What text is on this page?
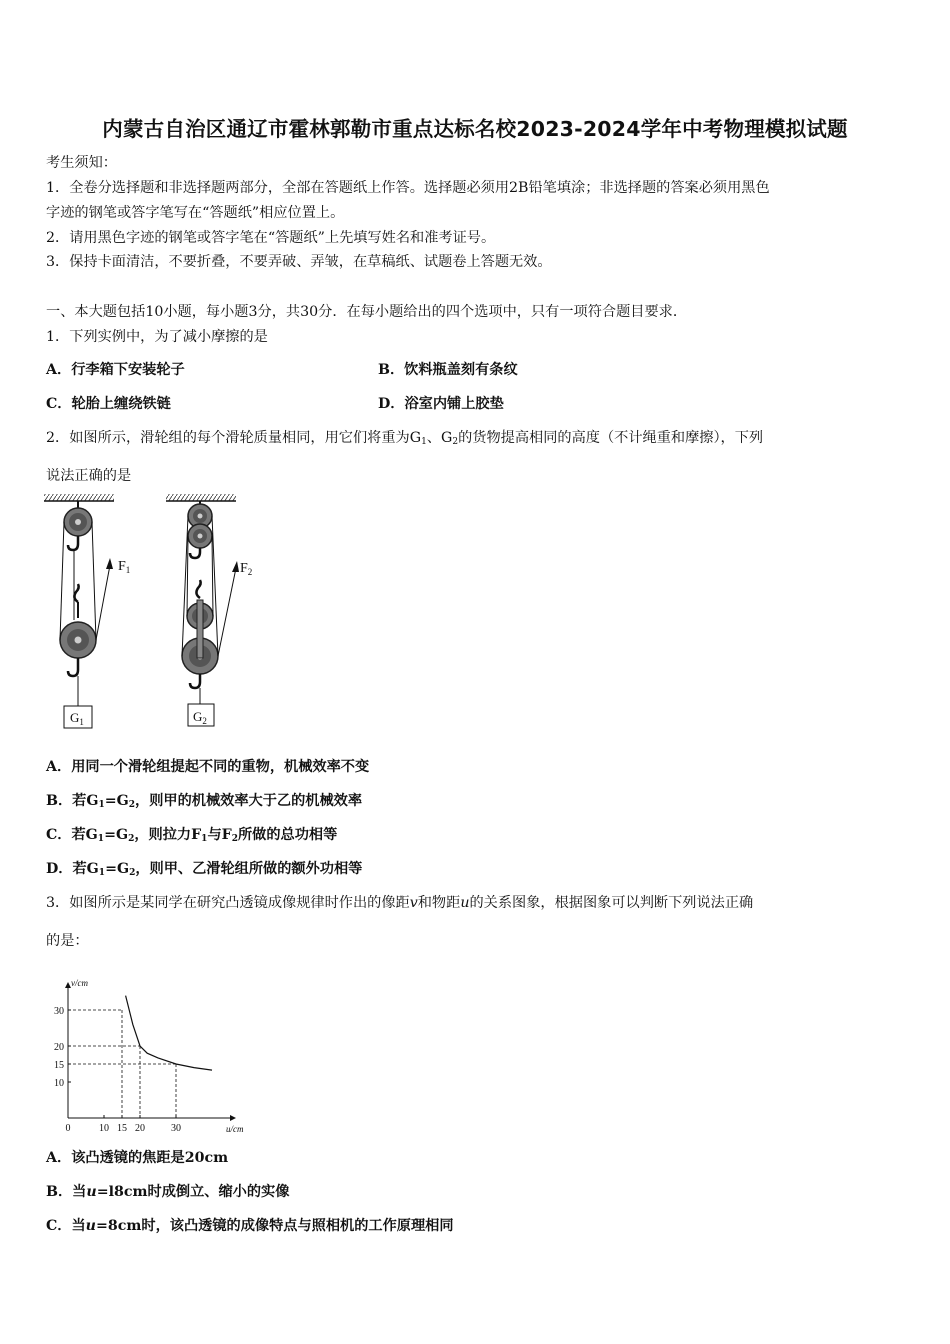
内蒙古自治区通辽市霍林郭勒市重点达标名校2023-2024学年中考物理模拟试题
考生须知：
1．全卷分选择题和非选择题两部分，全部在答题纸上作答。选择题必须用2B铅笔填涂；非选择题的答案必须用黑色
字迹的钢笔或答字笔写在“答题纸”相应位置上。
2．请用黑色字迹的钢笔或答字笔在“答题纸”上先填写姓名和准考证号。
3．保持卡面清洁，不要折叠，不要弄破、弄皱，在草稿纸、试题卷上答题无效。
一、本大题包括10小题，每小题3分，共30分．在每小题给出的四个选项中，只有一项符合题目要求．
1．下列实例中，为了减小摩擦的是
A．行李箱下安装轮子	B．饮料瓶盖刻有条纹
C．轮胎上缠绕铁链	D．浴室内铺上胶垫
2．如图所示，滑轮组的每个滑轮质量相同，用它们将重为$G_1$、$G_2$的货物提高相同的高度（不计绳重和摩擦），下列
说法正确的是
$F_1$
$G_1$
$F_2$
$G_2$
A．用同一个滑轮组提起不同的重物，机械效率不变
B．若$G_1=G_2$，则甲的机械效率大于乙的机械效率
C．若$G_1=G_2$，则拉力$F_1$与$F_2$所做的总功相等
D．若$G_1=G_2$，则甲、乙滑轮组所做的额外功相等
3．如图所示是某同学在研究凸透镜成像规律时作出的像距v和物距u的关系图象，根据图象可以判断下列说法正确
的是：
v/cm
u/cm
0	10 15 20	30
10
15
20
30
A．该凸透镜的焦距是20cm
B．当u=l8cm时成倒立、缩小的实像
C．当u=8cm时，该凸透镜的成像特点与照相机的工作原理相同
